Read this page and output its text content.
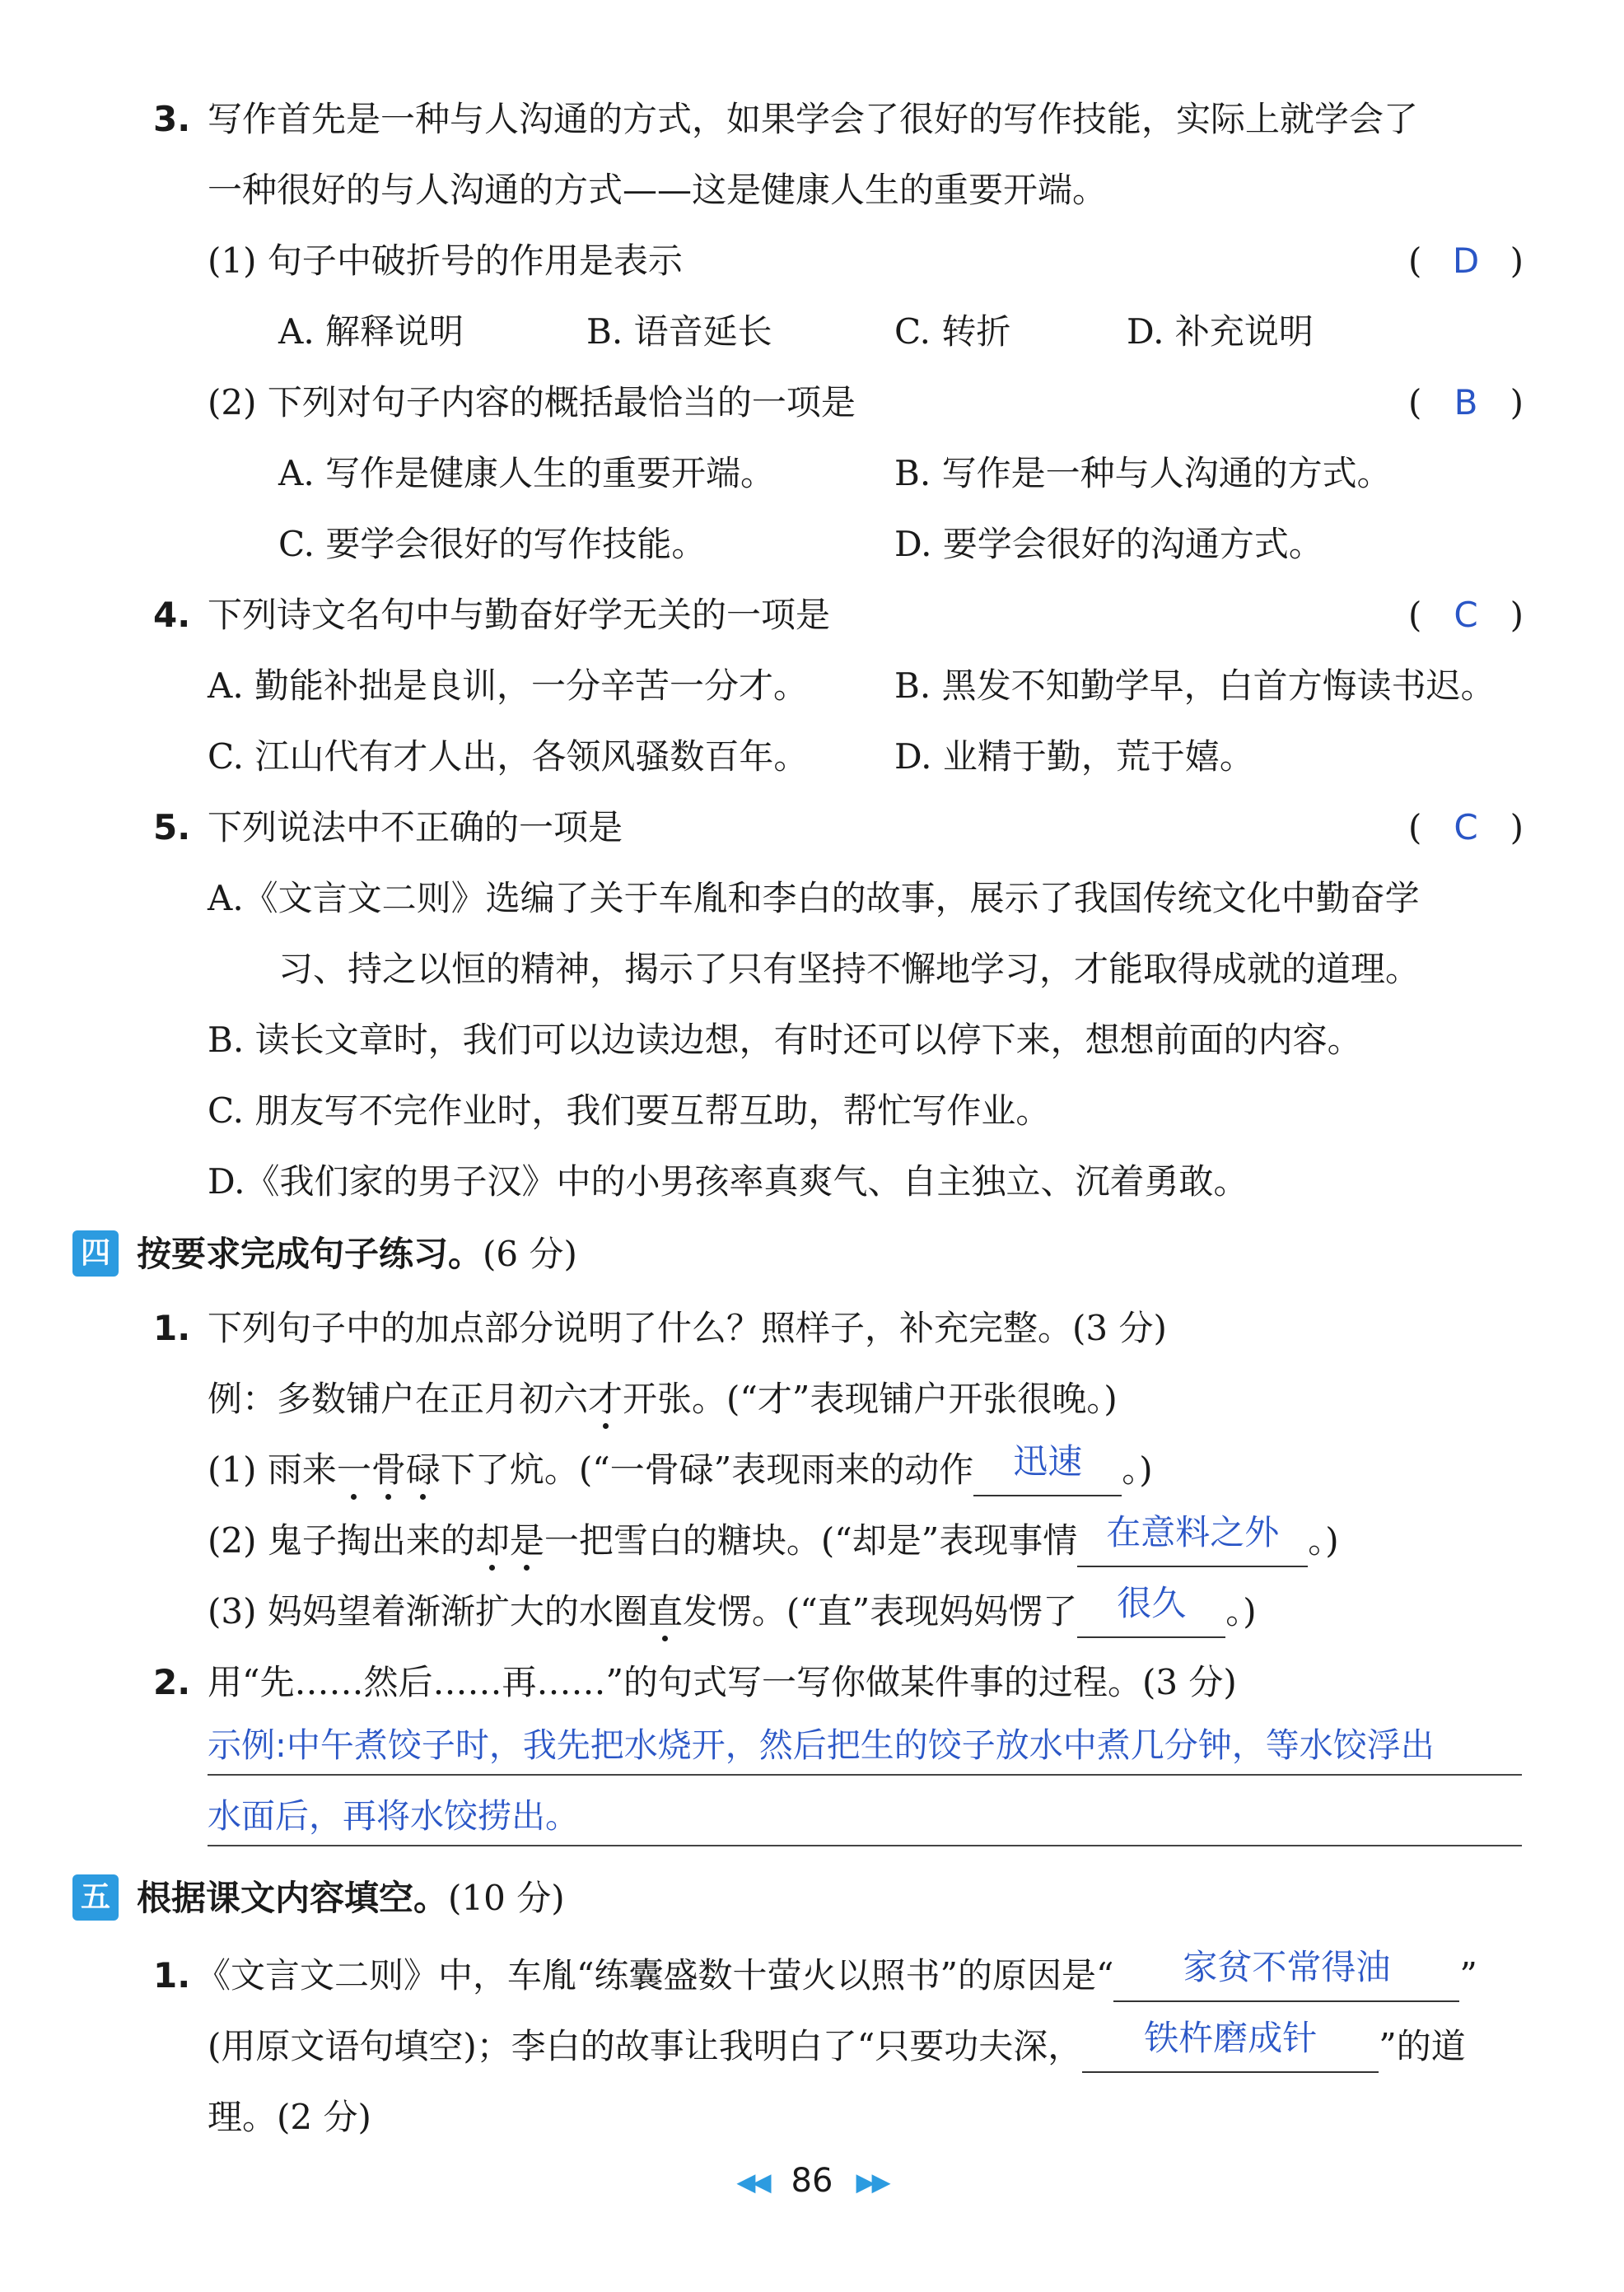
3. 写作首先是一种与人沟通的方式，如果学会了很好的写作技能，实际上就学会了
一种很好的与人沟通的方式——这是健康人生的重要开端。
(1) 句子中破折号的作用是表示	( D )
A. 解释说明	B. 语音延长	C. 转折	D. 补充说明
(2) 下列对句子内容的概括最恰当的一项是	( B )
A. 写作是健康人生的重要开端。	B. 写作是一种与人沟通的方式。
C. 要学会很好的写作技能。	D. 要学会很好的沟通方式。
4. 下列诗文名句中与勤奋好学无关的一项是	( C )
A. 勤能补拙是良训，一分辛苦一分才。 B. 黑发不知勤学早，白首方悔读书迟。
C. 江山代有才人出，各领风骚数百年。 D. 业精于勤，荒于嬉。
5. 下列说法中不正确的一项是	( C )
A.《文言文二则》选编了关于车胤和李白的故事，展示了我国传统文化中勤奋学
习、持之以恒的精神，揭示了只有坚持不懈地学习，才能取得成就的道理。
B. 读长文章时，我们可以边读边想，有时还可以停下来，想想前面的内容。
C. 朋友写不完作业时，我们要互帮互助，帮忙写作业。
D.《我们家的男子汉》中的小男孩率真爽气、自主独立、沉着勇敢。
四 按要求完成句子练习。(6 分)
1. 下列句子中的加点部分说明了什么？照样子，补充完整。(3 分)
例：多数铺户在正月初六才开张。(“才”表现铺户开张很晚。)
(1) 雨来一骨碌下了炕。(“一骨碌”表现雨来的动作 迅速 。)
(2) 鬼子掏出来的却是一把雪白的糖块。(“却是”表现事情 在意料之外 。)
(3) 妈妈望着渐渐扩大的水圈直发愣。(“直”表现妈妈愣了 很久 。)
2. 用“先……然后……再……”的句式写一写你做某件事的过程。(3 分)
示例:中午煮饺子时，我先把水烧开，然后把生的饺子放水中煮几分钟，等水饺浮出
水面后，再将水饺捞出。
五 根据课文内容填空。(10 分)
1. 《文言文二则》中，车胤“练囊盛数十萤火以照书”的原因是“ 家贫不常得油 ”
(用原文语句填空)；李白的故事让我明白了“只要功夫深， 铁杵磨成针 ”的道
理。(2 分)
◀◀ 86 ▶▶
